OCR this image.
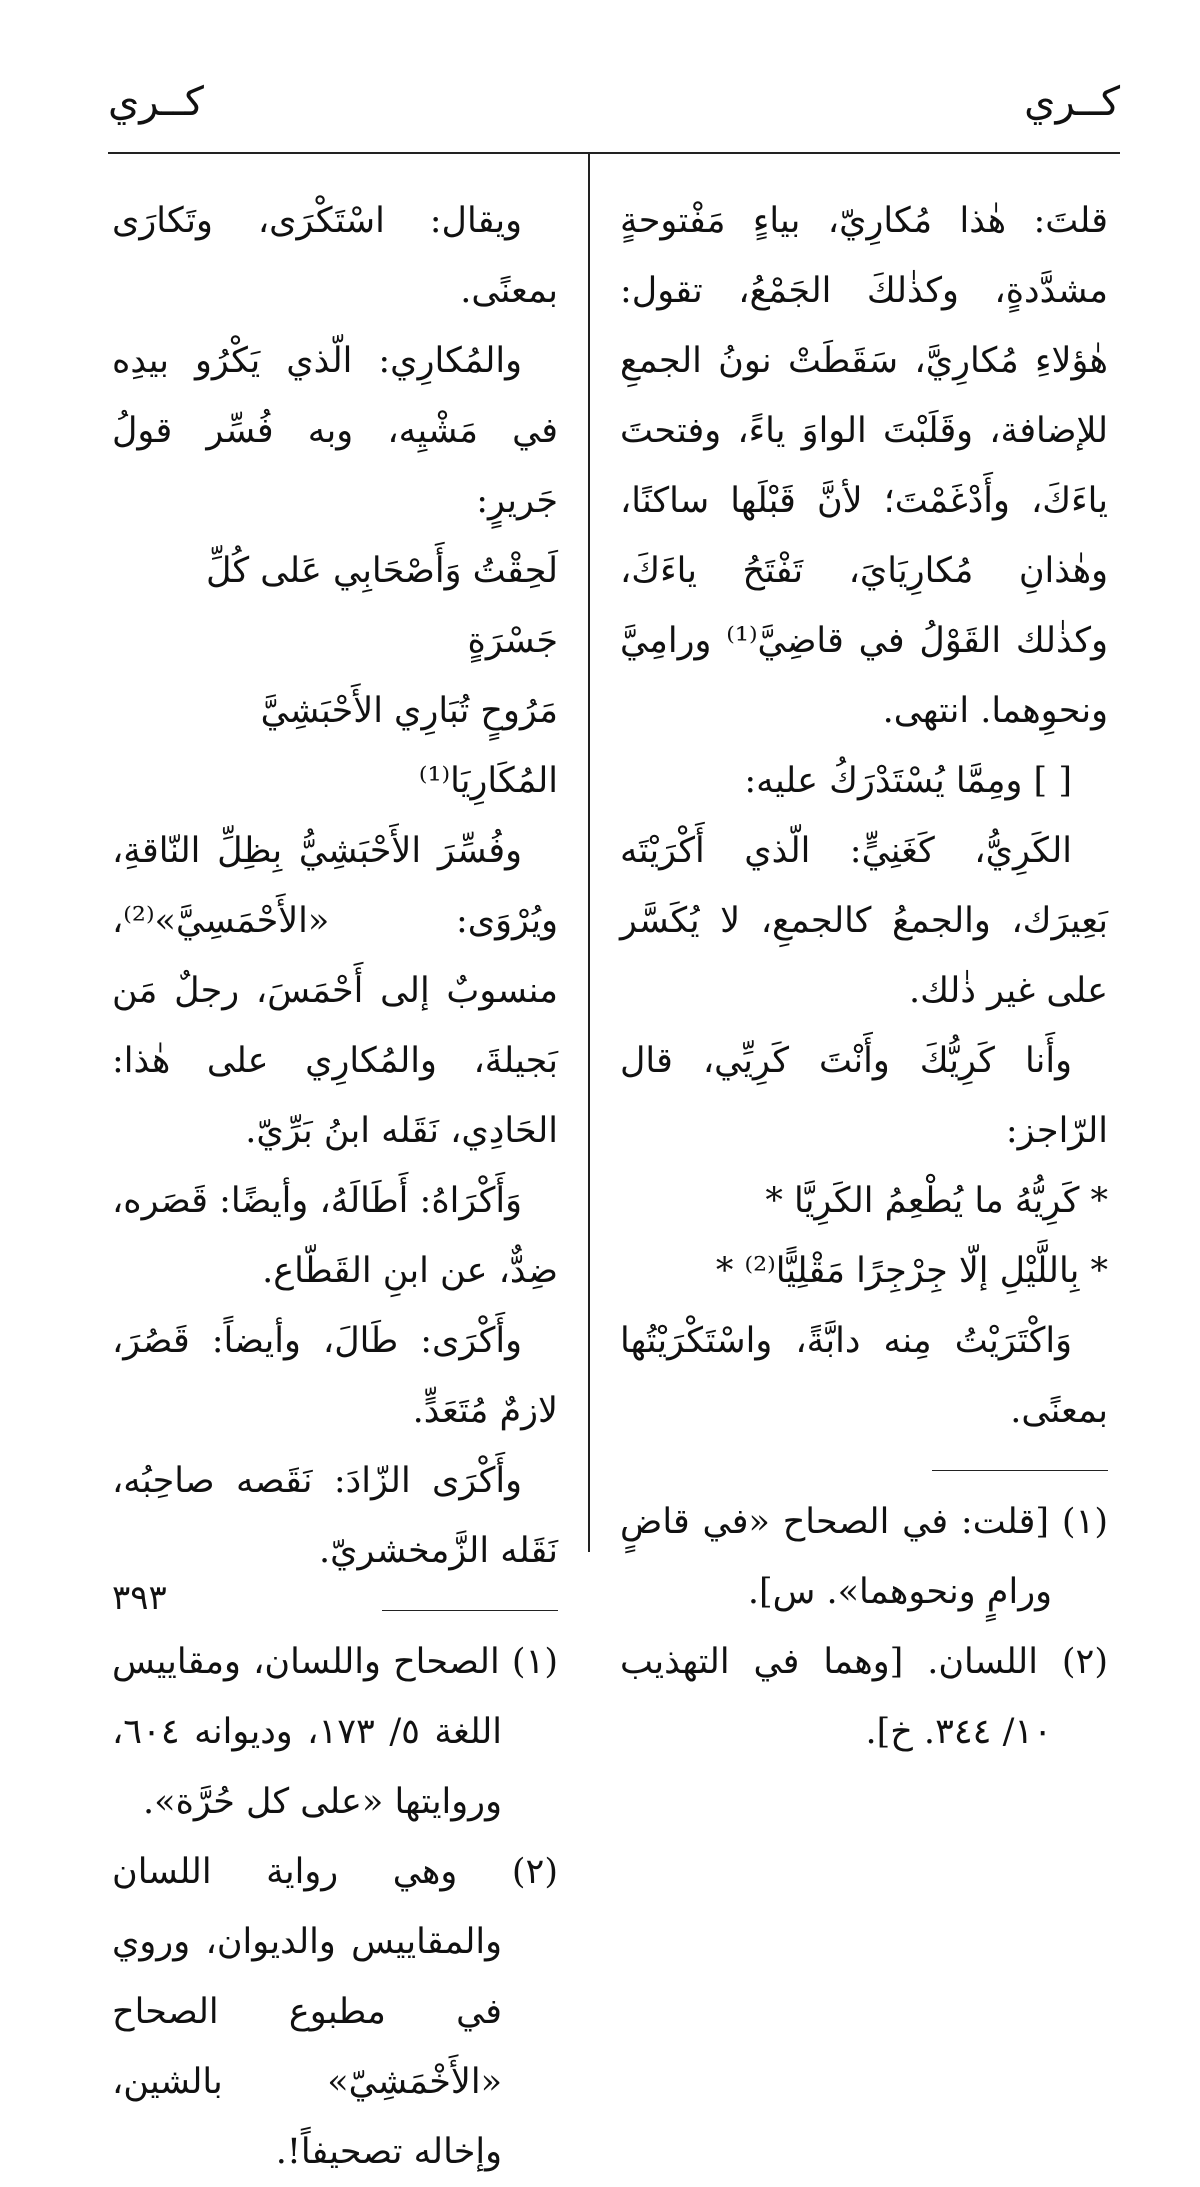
كــري	كــري

قلتَ: هٰذا مُكارِيّ، بياءٍ مَفْتوحةٍ مشدَّدةٍ، وكذٰلكَ الجَمْعُ، تقول: هٰؤلاءِ مُكارِيَّ، سَقَطَتْ نونُ الجمعِ للإضافة، وقَلَبْتَ الواوَ ياءً، وفتحتَ ياءَكَ، وأَدْغَمْتَ؛ لأنَّ قَبْلَها ساكنًا، وهٰذانِ مُكارِيَايَ، تَفْتَحُ ياءَكَ، وكذٰلك القَوْلُ في قاضِيَّ⁽¹⁾ ورامِيَّ ونحوِهما. انتهى.

[ ] ومِمَّا يُسْتَدْرَكُ عليه:

الكَرِيُّ، كَغَنِيٍّ: الّذي أَكْرَيْتَه بَعِيرَك، والجمعُ كالجمعِ، لا يُكَسَّر على غير ذٰلك.

وأَنا كَرِيُّكَ وأَنْتَ كَرِيِّي، قال الرّاجز:

* كَرِيُّهُ ما يُطْعِمُ الكَرِيَّا *

* بِاللَّيْلِ إلّا جِرْجِرًا مَقْلِيًّا⁽²⁾ *

وَاكْتَرَيْتُ مِنه دابَّةً، واسْتَكْرَيْتُها بمعنًى.

(١) [قلت: في الصحاح «في قاضٍ ورامٍ ونحوهما». س].

(٢) اللسان. [وهما في التهذيب ١٠/ ٣٤٤. خ].

ويقال: اسْتَكْرَى، وتَكارَى بمعنًى.

والمُكارِي: الّذي يَكْرُو بيدِه في مَشْيِه، وبه فُسِّر قولُ جَريرٍ:

لَحِقْتُ وَأَصْحَابِي عَلى كُلِّ جَسْرَةٍ

مَرُوحٍ تُبَارِي الأَحْبَشِيَّ المُكَارِيَا⁽¹⁾

وفُسِّرَ الأَحْبَشِيُّ بِظِلِّ النّاقةِ، ويُرْوَى: «الأَحْمَسِيَّ»⁽²⁾، منسوبٌ إلى أَحْمَسَ، رجلٌ مَن بَجيلةَ، والمُكارِي على هٰذا: الحَادِي، نَقَله ابنُ بَرِّيّ.

وَأَكْرَاهُ: أَطَالَهُ، وأيضًا: قَصَره، ضِدٌّ، عن ابنِ القَطّاع.

وأَكْرَى: طَالَ، وأيضاً: قَصُرَ، لازمٌ مُتَعَدٍّ.

وأَكْرَى الزّادَ: نَقَصه صاحِبُه، نَقَله الزَّمخشريّ.

(١) الصحاح واللسان، ومقاييس اللغة ٥/ ١٧٣، وديوانه ٦٠٤، وروايتها «على كل حُرَّة».

(٢) وهي رواية اللسان والمقاييس والديوان، وروي في مطبوع الصحاح «الأَخْمَشِيّ» بالشين، وإخاله تصحيفاً!.

٣٩٣
